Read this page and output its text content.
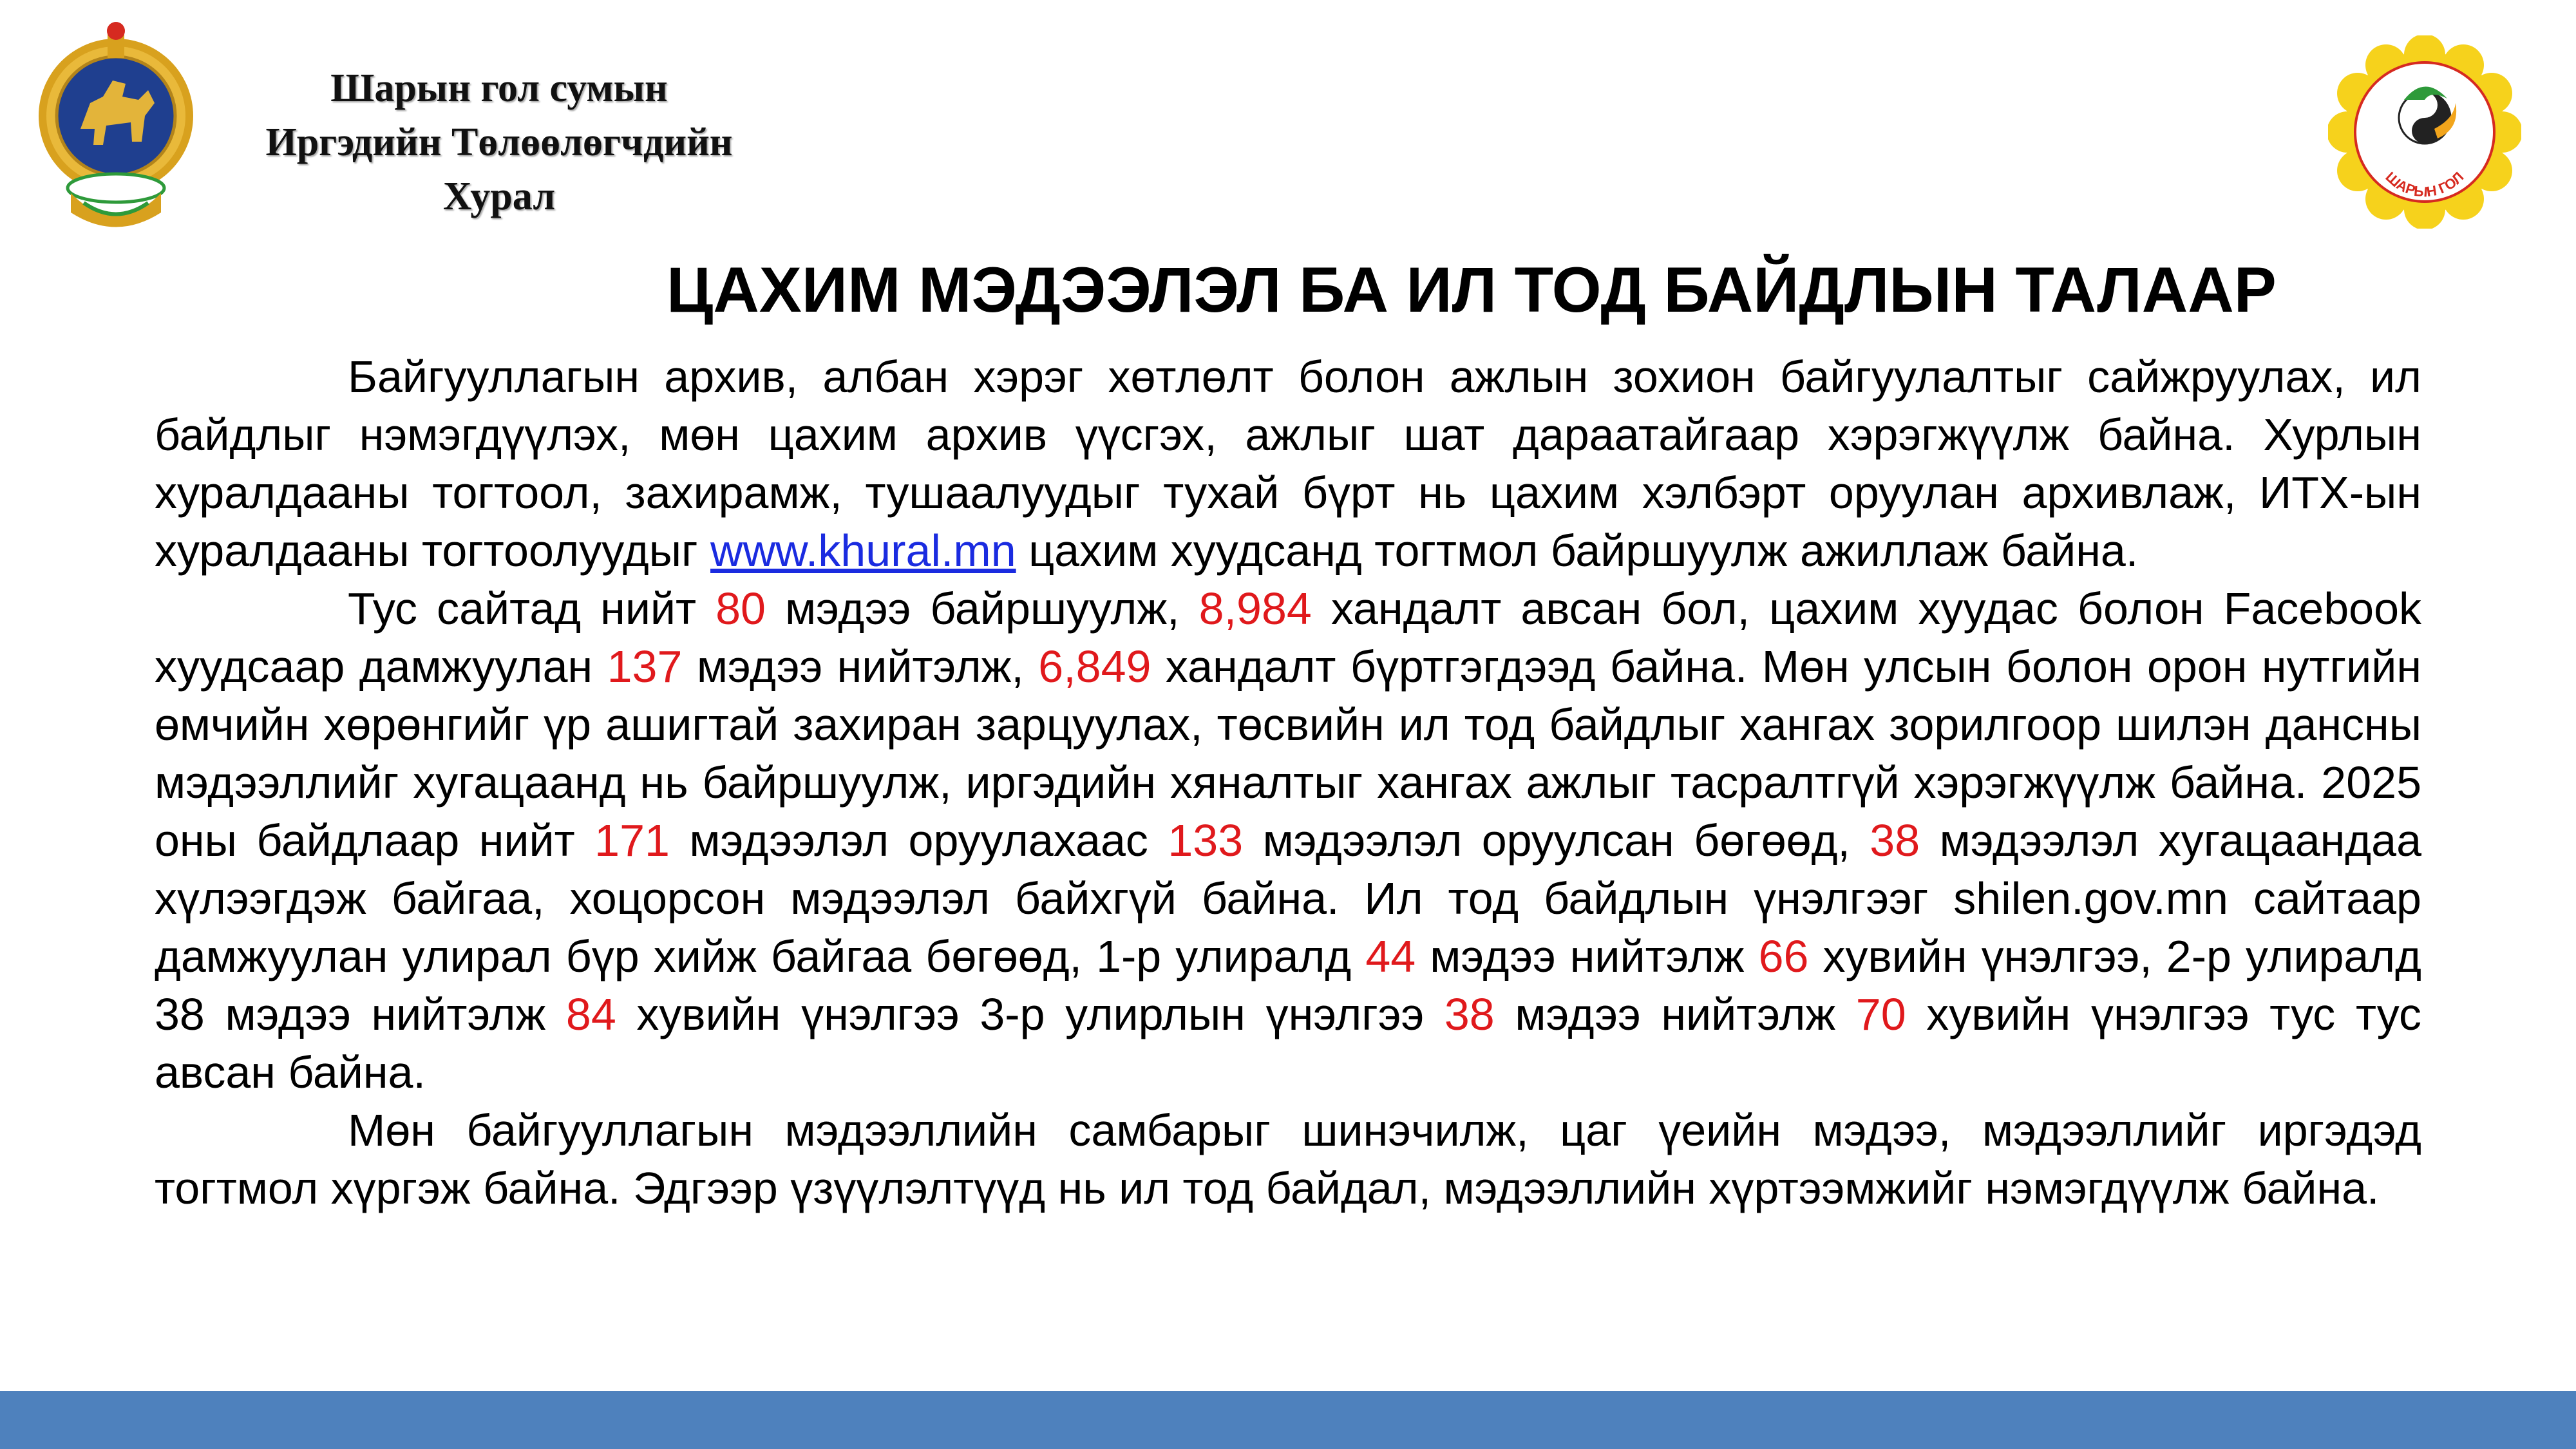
Шарын гол сумын
Иргэдийн Төлөөлөгчдийн
Хурал	ШАРЫН ГОЛ
ЦАХИМ МЭДЭЭЛЭЛ БА ИЛ ТОД БАЙДЛЫН ТАЛААР

Байгууллагын архив, албан хэрэг хөтлөлт болон ажлын зохион байгуулалтыг сайжруулах, ил байдлыг нэмэгдүүлэх, мөн цахим архив үүсгэх, ажлыг шат дараатайгаар хэрэгжүүлж байна. Хурлын хуралдааны тогтоол, захирамж, тушаалуудыг тухай бүрт нь цахим хэлбэрт оруулан архивлаж, ИТХ-ын хуралдааны тогтоолуудыг www.khural.mn цахим хуудсанд тогтмол байршуулж ажиллаж байна.

Тус сайтад нийт 80 мэдээ байршуулж, 8,984 хандалт авсан бол, цахим хуудас болон Facebook хуудсаар дамжуулан 137 мэдээ нийтэлж, 6,849 хандалт бүртгэгдээд байна. Мөн улсын болон орон нутгийн өмчийн хөрөнгийг үр ашигтай захиран зарцуулах, төсвийн ил тод байдлыг хангах зорилгоор шилэн дансны мэдээллийг хугацаанд нь байршуулж, иргэдийн хяналтыг хангах ажлыг тасралтгүй хэрэгжүүлж байна. 2025 оны байдлаар нийт 171 мэдээлэл оруулахаас 133 мэдээлэл оруулсан бөгөөд, 38 мэдээлэл хугацаандаа хүлээгдэж байгаа, хоцорсон мэдээлэл байхгүй байна. Ил тод байдлын үнэлгээг shilen.gov.mn сайтаар дамжуулан улирал бүр хийж байгаа бөгөөд, 1-р улиралд 44 мэдээ нийтэлж 66 хувийн үнэлгээ, 2-р улиралд 38 мэдээ нийтэлж 84 хувийн үнэлгээ 3-р улирлын үнэлгээ 38 мэдээ нийтэлж 70 хувийн үнэлгээ тус тус авсан байна.

Мөн байгууллагын мэдээллийн самбарыг шинэчилж, цаг үеийн мэдээ, мэдээллийг иргэдэд тогтмол хүргэж байна. Эдгээр үзүүлэлтүүд нь ил тод байдал, мэдээллийн хүртээмжийг нэмэгдүүлж байна.
